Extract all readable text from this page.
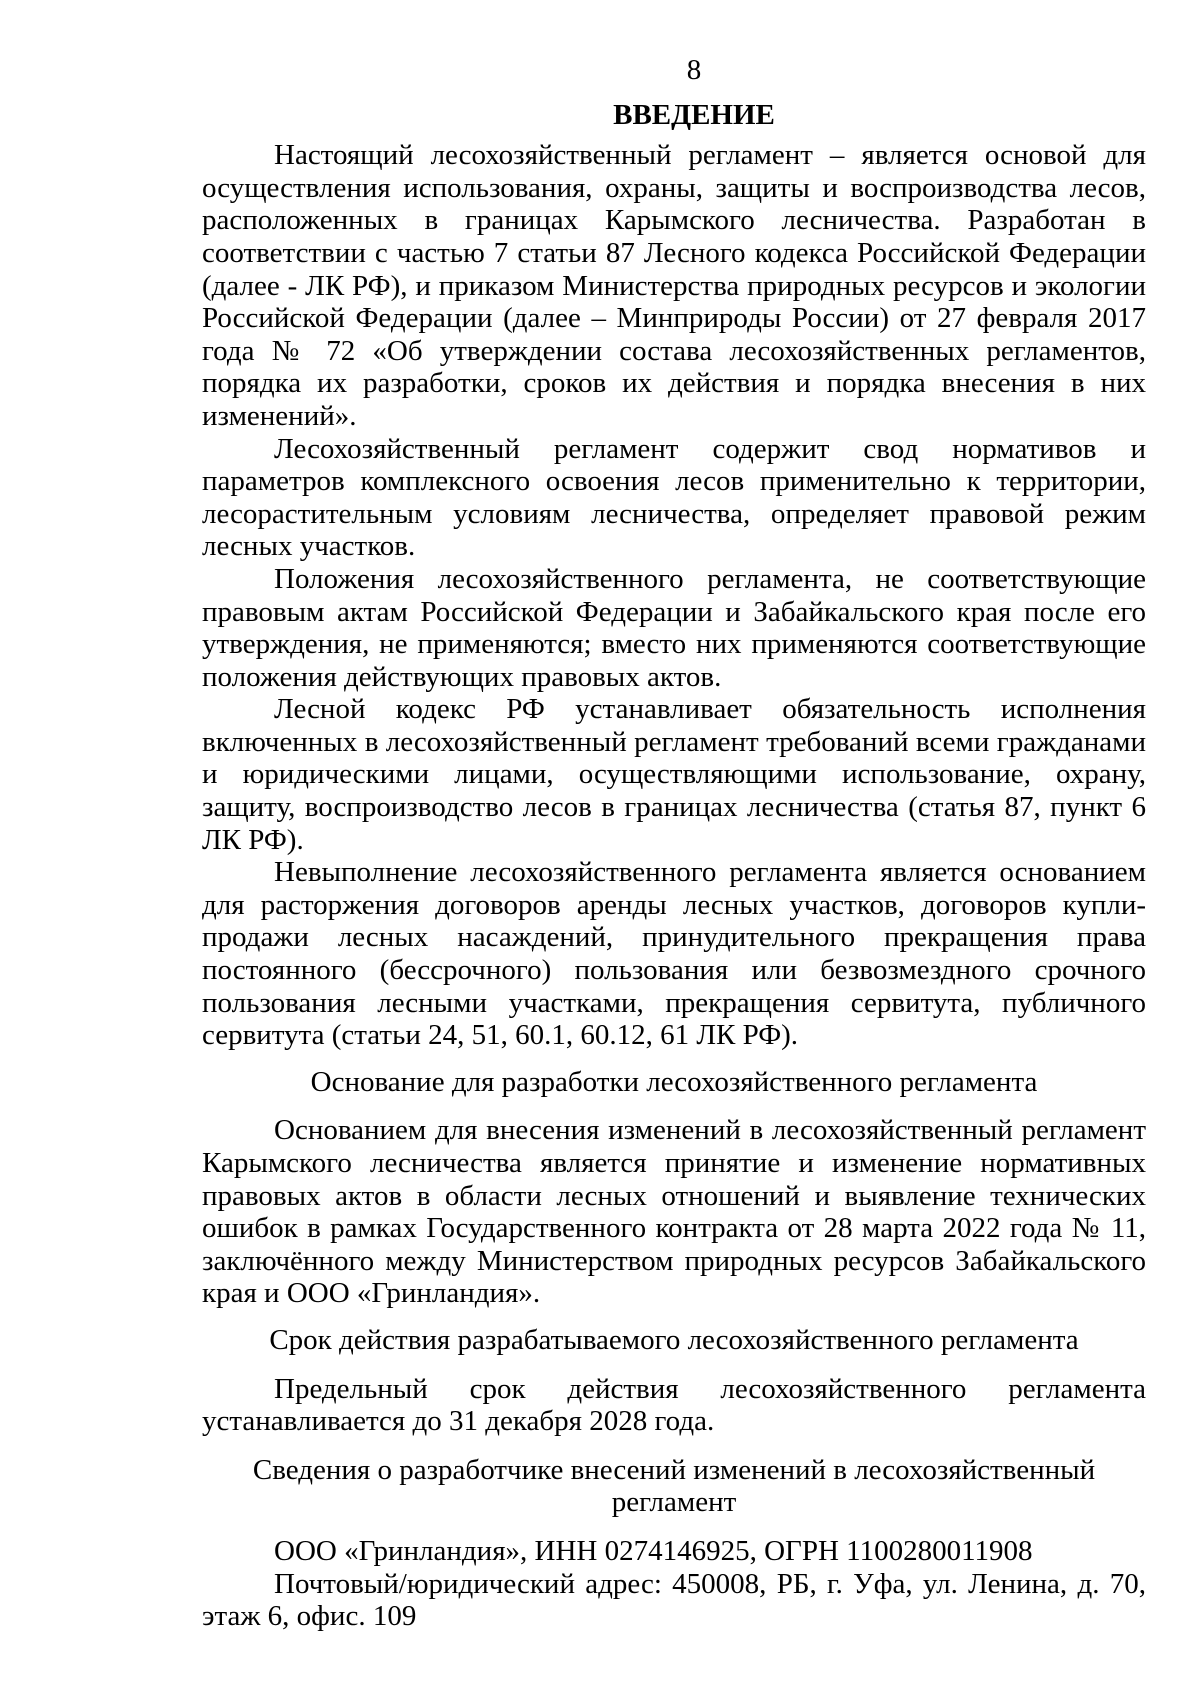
8

ВВЕДЕНИЕ

Настоящий лесохозяйственный регламент – является основой для осуществления использования, охраны, защиты и воспроизводства лесов, расположенных в границах Карымского лесничества. Разработан в соответствии с частью 7 статьи 87 Лесного кодекса Российской Федерации (далее - ЛК РФ), и приказом Министерства природных ресурсов и экологии Российской Федерации (далее – Минприроды России) от 27 февраля 2017 года № 72 «Об утверждении состава лесохозяйственных регламентов, порядка их разработки, сроков их действия и порядка внесения в них изменений».

Лесохозяйственный регламент содержит свод нормативов и параметров комплексного освоения лесов применительно к территории, лесорастительным условиям лесничества, определяет правовой режим лесных участков.

Положения лесохозяйственного регламента, не соответствующие правовым актам Российской Федерации и Забайкальского края после его утверждения, не применяются; вместо них применяются соответствующие положения действующих правовых актов.

Лесной кодекс РФ устанавливает обязательность исполнения включенных в лесохозяйственный регламент требований всеми гражданами и юридическими лицами, осуществляющими использование, охрану, защиту, воспроизводство лесов в границах лесничества (статья 87, пункт 6 ЛК РФ).

Невыполнение лесохозяйственного регламента является основанием для расторжения договоров аренды лесных участков, договоров купли-продажи лесных насаждений, принудительного прекращения права постоянного (бессрочного) пользования или безвозмездного срочного пользования лесными участками, прекращения сервитута, публичного сервитута (статьи 24, 51, 60.1, 60.12, 61 ЛК РФ).

Основание для разработки лесохозяйственного регламента

Основанием для внесения изменений в лесохозяйственный регламент Карымского лесничества является принятие и изменение нормативных правовых актов в области лесных отношений и выявление технических ошибок в рамках Государственного контракта от 28 марта 2022 года № 11, заключённого между Министерством природных ресурсов Забайкальского края и ООО «Гринландия».

Срок действия разрабатываемого лесохозяйственного регламента

Предельный срок действия лесохозяйственного регламента устанавливается до 31 декабря 2028 года.

Сведения о разработчике внесений изменений в лесохозяйственный
регламент

ООО «Гринландия», ИНН 0274146925, ОГРН 1100280011908

Почтовый/юридический адрес: 450008, РБ, г. Уфа, ул. Ленина, д. 70, этаж 6, офис. 109
